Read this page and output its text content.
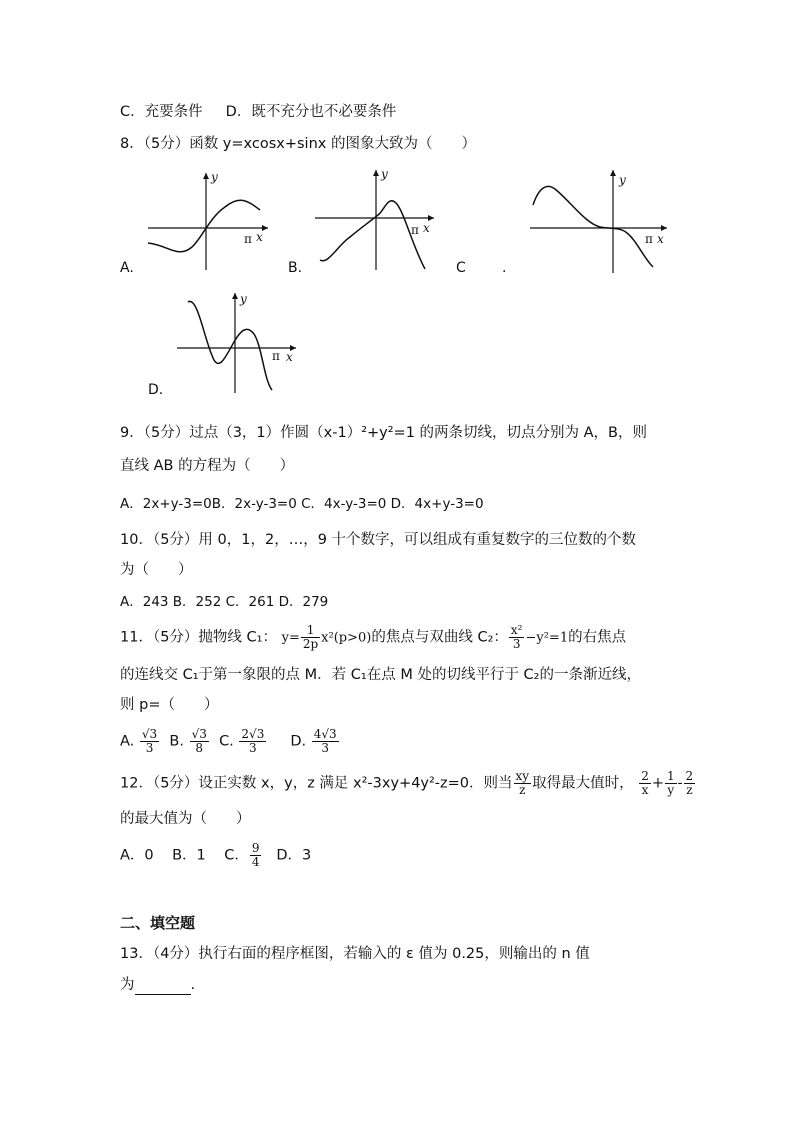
C．充要条件 D．既不充分也不必要条件
8．（5分）函数 y=xcosx+sinx 的图象大致为（　　）
A.
x
y
π
B.
x
y
π
C	.
x
y
π
D.
x
y
π
9．（5分）过点（3，1）作圆（x-1）²+y²=1 的两条切线，切点分别为 A，B，则
直线 AB 的方程为（　　）
A．2x+y-3=0B．2x-y-3=0 C．4x-y-3=0 D．4x+y-3=0
10．（5分）用 0，1，2，…，9 十个数字，可以组成有重复数字的三位数的个数
为（　　）
A．243 B．252 C．261 D．279
11．（5分）抛物线 C₁： $y= \frac{1}{2p} x^2(p>0)$的焦点与双曲线 C₂： $\frac{\text{x²}}{3} -y^2=1$的右焦点
的连线交 C₁于第一象限的点 M．若 C₁在点 M 处的切线平行于 C₂的一条渐近线，
则 p=（　　）
A. $\frac{√3}{3} B$. $\frac{√3}{8} C$. $\frac{2√3}{3} D$. $\frac{4√3}{3}$
12．（5分）设正实数 x，y，z 满足 x²-3xy+4y²-z=0．则当 $\frac{xy}{z}$ 取得最大值时， $\frac{2}{x} + \frac{1}{y} - \frac{2}{z}$
的最大值为（　　）
A．0 B．1 C． $\frac{9}{4}$ D．3
二、填空题
13．（4分）执行右面的程序框图，若输入的 ε 值为 0.25，则输出的 n 值
为	.
